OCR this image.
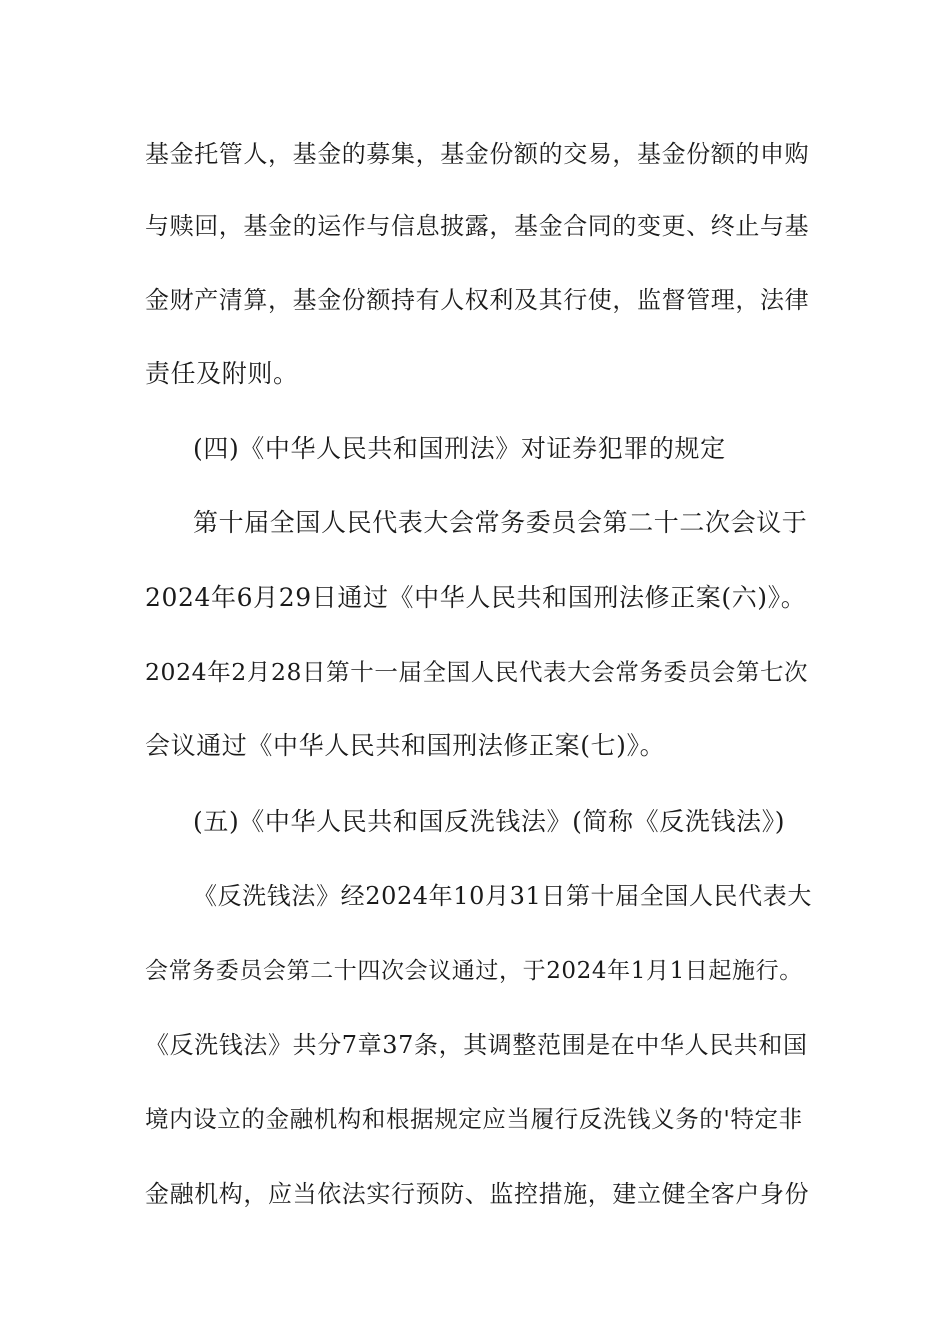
基金托管人，基金的募集，基金份额的交易，基金份额的申购
与赎回，基金的运作与信息披露，基金合同的变更、终止与基
金财产清算，基金份额持有人权利及其行使，监督管理，法律
责任及附则。
(四)《中华人民共和国刑法》对证券犯罪的规定
第十届全国人民代表大会常务委员会第二十二次会议于
2024年6月29日通过《中华人民共和国刑法修正案(六)》。
2024年2月28日第十一届全国人民代表大会常务委员会第七次
会议通过《中华人民共和国刑法修正案(七)》。
(五)《中华人民共和国反洗钱法》(简称《反洗钱法》)
《反洗钱法》经2024年10月31日第十届全国人民代表大
会常务委员会第二十四次会议通过，于2024年1月1日起施行。
《反洗钱法》共分7章37条，其调整范围是在中华人民共和国
境内设立的金融机构和根据规定应当履行反洗钱义务的'特定非
金融机构，应当依法实行预防、监控措施，建立健全客户身份
